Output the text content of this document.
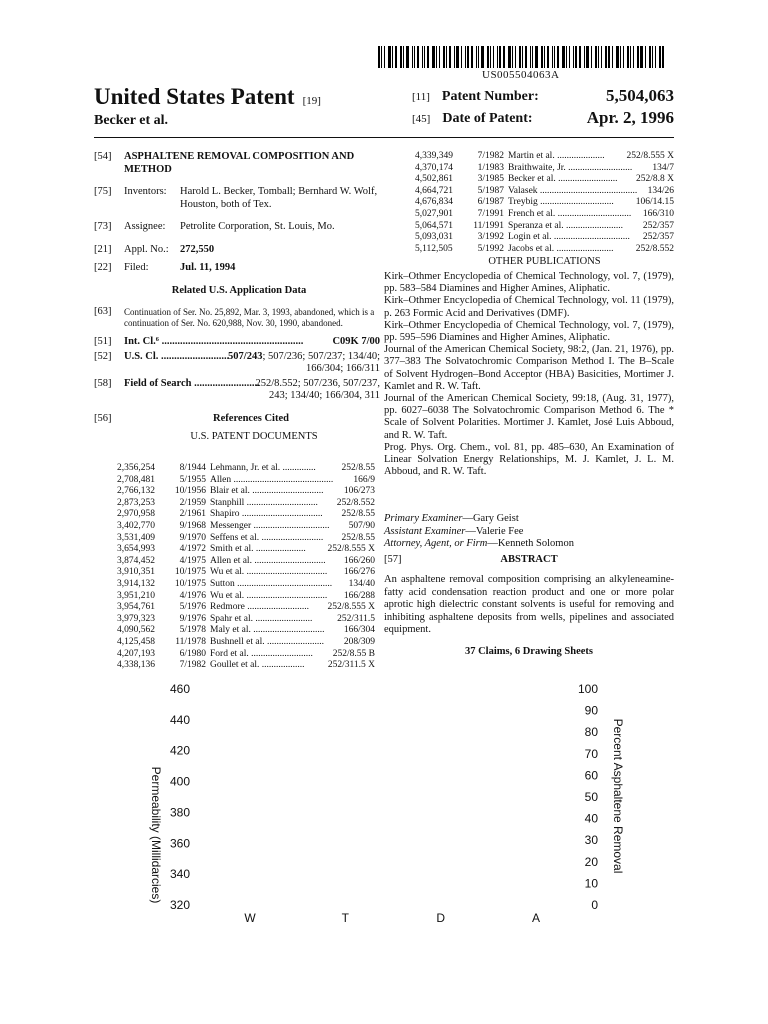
US005504063A
United States Patent [19]
Becker et al.
[11] Patent Number:	5,504,063
[45] Date of Patent:	Apr. 2, 1996
[54]	ASPHALTENE REMOVAL COMPOSITION AND METHOD
[75]	Inventors:	Harold L. Becker, Tomball; Bernhard W. Wolf, Houston, both of Tex.
[73]	Assignee:	Petrolite Corporation, St. Louis, Mo.
[21]	Appl. No.:	272,550
[22]	Filed:	Jul. 11, 1994
Related U.S. Application Data
[63]	Continuation of Ser. No. 25,892, Mar. 3, 1993, abandoned, which is a continuation of Ser. No. 620,988, Nov. 30, 1990, abandoned.
[51]	Int. Cl.⁶ ......................................................	C09K 7/00
[52]	U.S. Cl. ..........................
507/243; 507/236; 507/237; 134/40; 166/304; 166/311
[58]	Field of Search .........................
252/8.552; 507/236, 507/237, 243; 134/40; 166/304, 311
[56]	References Cited
U.S. PATENT DOCUMENTS
2,356,254	8/1944 Lehmann, Jr. et al. ..............	252/8.55
2,708,481	5/1955 Allen ..........................................	166/9
2,766,132	10/1956 Blair et al. ..............................	106/273
2,873,253	2/1959 Stanphill ..............................	252/8.552
2,970,958	2/1961 Shapiro ..................................	252/8.55
3,402,770	9/1968 Messenger ................................	507/90
3,531,409	9/1970 Seffens et al. ..........................	252/8.55
3,654,993	4/1972 Smith et al. .....................	252/8.555 X
3,874,452	4/1975 Allen et al. ..............................	166/260
3,910,351	10/1975 Wu et al. ..................................	166/276
3,914,132	10/1975 Sutton ........................................	134/40
3,951,210	4/1976 Wu et al. ..................................	166/288
3,954,761	5/1976 Redmore ..........................	252/8.555 X
3,979,323	9/1976 Spahr et al. ........................	252/311.5
4,090,562	5/1978 Maly et al. ..............................	166/304
4,125,458	11/1978 Bushnell et al. ........................	208/309
4,207,193	6/1980 Ford et al. ..........................	252/8.55 B
4,338,136	7/1982 Goullet et al. ..................	252/311.5 X
4,339,349	7/1982 Martin et al. ....................	252/8.555 X
4,370,174	1/1983 Braithwaite, Jr. ...........................	134/7
4,502,861	3/1985 Becker et al. .........................	252/8.8 X
4,664,721	5/1987 Valasek .........................................	134/26
4,676,834	6/1987 Treybig ...............................	106/14.15
5,027,901	7/1991 French et al. ...............................	166/310
5,064,571	11/1991 Speranza et al. ........................	252/357
5,093,031	3/1992 Login et al. ................................	252/357
5,112,505	5/1992 Jacobs et al. ........................	252/8.552
OTHER PUBLICATIONS

Kirk–Othmer Encyclopedia of Chemical Technology, vol. 7, (1979), pp. 583–584 Diamines and Higher Amines, Aliphatic.

Kirk–Othmer Encyclopedia of Chemical Technology, vol. 11 (1979), p. 263 Formic Acid and Derivatives (DMF).

Kirk–Othmer Encyclopedia of Chemical Technology, vol. 7, (1979), pp. 595–596 Diamines and Higher Amines, Aliphatic.

Journal of the American Chemical Society, 98:2, (Jan. 21, 1976), pp. 377–383 The Solvatochromic Comparison Method I. The B–Scale of Solvent Hydrogen–Bond Acceptor (HBA) Basicities, Mortimer J. Kamlet and R. W. Taft.

Journal of the American Chemical Society, 99:18, (Aug. 31, 1977), pp. 6027–6038 The Solvatochromic Comparison Method 6. The * Scale of Solvent Polarities. Mortimer J. Kamlet, José Luis Abboud, and R. W. Taft.

Prog. Phys. Org. Chem., vol. 81, pp. 485–630, An Examination of Linear Solvation Energy Relationships, M. J. Kamlet, J. L. M. Abboud, and R. W. Taft.

Primary Examiner—Gary Geist
Assistant Examiner—Valerie Fee
Attorney, Agent, or Firm—Kenneth Solomon
[57]	ABSTRACT
An asphaltene removal composition comprising an alkyleneamine-fatty acid condensation reaction product and one or more polar aprotic high dielectric constant solvents is useful for removing and inhibiting asphaltene deposits from wells, pipelines and associated equipment.
37 Claims, 6 Drawing Sheets
460
440
420
400
380
360
340
320
100
90
80
70
60
50
40
30
20
10
0
W	T	D	A
Permeability (Millidarcies)	Percent Asphaltene Removal
